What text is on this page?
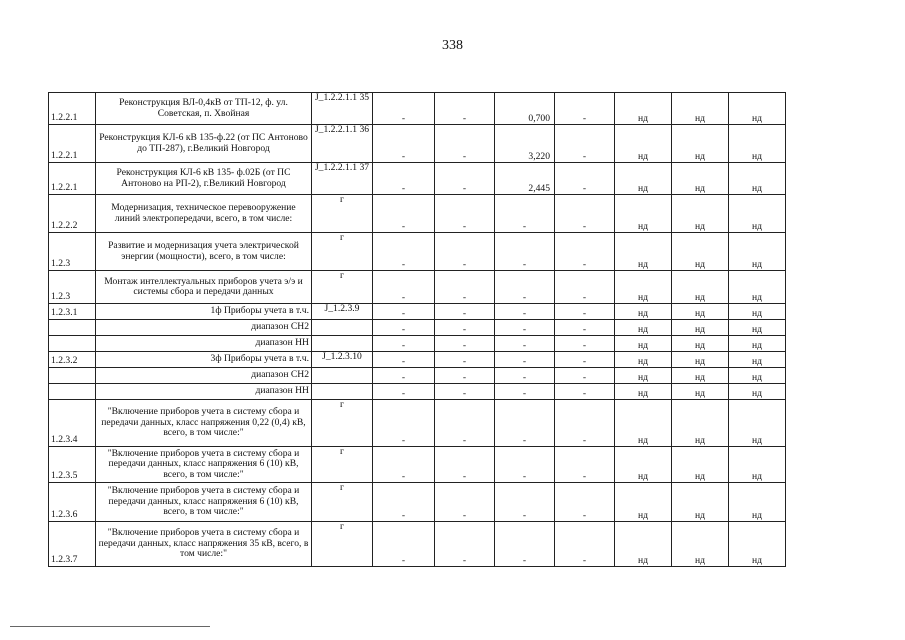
338
1.2.2.1	Реконструкция ВЛ-0,4кВ от ТП-12, ф. ул. Советская, п. Хвойная	J_1.2.2.1.1 35	-	-	0,700	-	нд	нд	нд
1.2.2.1	Реконструкция КЛ-6 кВ 135-ф.22 (от ПС Антоново до ТП-287), г.Великий Новгород	J_1.2.2.1.1 36	-	-	3,220	-	нд	нд	нд
1.2.2.1	Реконструкция КЛ-6 кВ 135- ф.02Б (от ПС Антоново на РП-2), г.Великий Новгород	J_1.2.2.1.1 37	-	-	2,445	-	нд	нд	нд
1.2.2.2	Модернизация, техническое перевооружение линий электропередачи, всего, в том числе:	г	-	-	-	-	нд	нд	нд
1.2.3	Развитие и модернизация учета электрической энергии (мощности), всего, в том числе:	г	-	-	-	-	нд	нд	нд
1.2.3	Монтаж интеллектуальных приборов учета э/э и системы сбора и передачи данных	г	-	-	-	-	нд	нд	нд
1.2.3.1	1ф Приборы учета в т.ч.	J_1.2.3.9	-	-	-	-	нд	нд	нд
	диапазон СН2		-	-	-	-	нд	нд	нд
	диапазон НН		-	-	-	-	нд	нд	нд
1.2.3.2	3ф Приборы учета в т.ч.	J_1.2.3.10	-	-	-	-	нд	нд	нд
	диапазон СН2		-	-	-	-	нд	нд	нд
	диапазон НН		-	-	-	-	нд	нд	нд
1.2.3.4	"Включение приборов учета в систему сбора и передачи данных, класс напряжения 0,22 (0,4) кВ, всего, в том числе:"	г	-	-	-	-	нд	нд	нд
1.2.3.5	"Включение приборов учета в систему сбора и передачи данных, класс напряжения 6 (10) кВ, всего, в том числе:"	г	-	-	-	-	нд	нд	нд
1.2.3.6	"Включение приборов учета в систему сбора и передачи данных, класс напряжения 6 (10) кВ, всего, в том числе:"	г	-	-	-	-	нд	нд	нд
1.2.3.7	"Включение приборов учета в систему сбора и передачи данных, класс напряжения 35 кВ, всего, в том числе:"	г	-	-	-	-	нд	нд	нд
